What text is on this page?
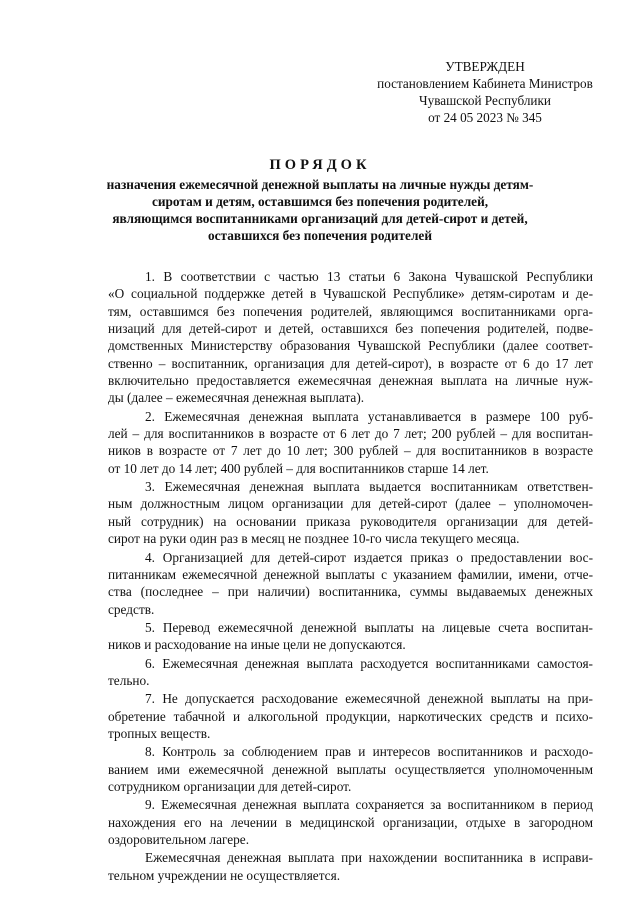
УТВЕРЖДЕН
постановлением Кабинета Министров
Чувашской Республики
от 24 05 2023 № 345
ПОРЯДОК
назначения ежемесячной денежной выплаты на личные нужды детям-
сиротам и детям, оставшимся без попечения родителей,
являющимся воспитанниками организаций для детей-сирот и детей,
оставшихся без попечения родителей
1. В соответствии с частью 13 статьи 6 Закона Чувашской Республики
«О социальной поддержке детей в Чувашской Республике» детям-сиротам и де-
тям, оставшимся без попечения родителей, являющимся воспитанниками орга-
низаций для детей-сирот и детей, оставшихся без попечения родителей, подве-
домственных Министерству образования Чувашской Республики (далее соответ-
ственно – воспитанник, организация для детей-сирот), в возрасте от 6 до 17 лет
включительно предоставляется ежемесячная денежная выплата на личные нуж-
ды (далее – ежемесячная денежная выплата).
2. Ежемесячная денежная выплата устанавливается в размере 100 руб-
лей – для воспитанников в возрасте от 6 лет до 7 лет; 200 рублей – для воспитан-
ников в возрасте от 7 лет до 10 лет; 300 рублей – для воспитанников в возрасте
от 10 лет до 14 лет; 400 рублей – для воспитанников старше 14 лет.
3. Ежемесячная денежная выплата выдается воспитанникам ответствен-
ным должностным лицом организации для детей-сирот (далее – уполномочен-
ный сотрудник) на основании приказа руководителя организации для детей-
сирот на руки один раз в месяц не позднее 10-го числа текущего месяца.
4. Организацией для детей-сирот издается приказ о предоставлении вос-
питанникам ежемесячной денежной выплаты с указанием фамилии, имени, отче-
ства (последнее – при наличии) воспитанника, суммы выдаваемых денежных
средств.
5. Перевод ежемесячной денежной выплаты на лицевые счета воспитан-
ников и расходование на иные цели не допускаются.
6. Ежемесячная денежная выплата расходуется воспитанниками самостоя-
тельно.
7. Не допускается расходование ежемесячной денежной выплаты на при-
обретение табачной и алкогольной продукции, наркотических средств и психо-
тропных веществ.
8. Контроль за соблюдением прав и интересов воспитанников и расходо-
ванием ими ежемесячной денежной выплаты осуществляется уполномоченным
сотрудником организации для детей-сирот.
9. Ежемесячная денежная выплата сохраняется за воспитанником в период
нахождения его на лечении в медицинской организации, отдыхе в загородном
оздоровительном лагере.
Ежемесячная денежная выплата при нахождении воспитанника в исправи-
тельном учреждении не осуществляется.
